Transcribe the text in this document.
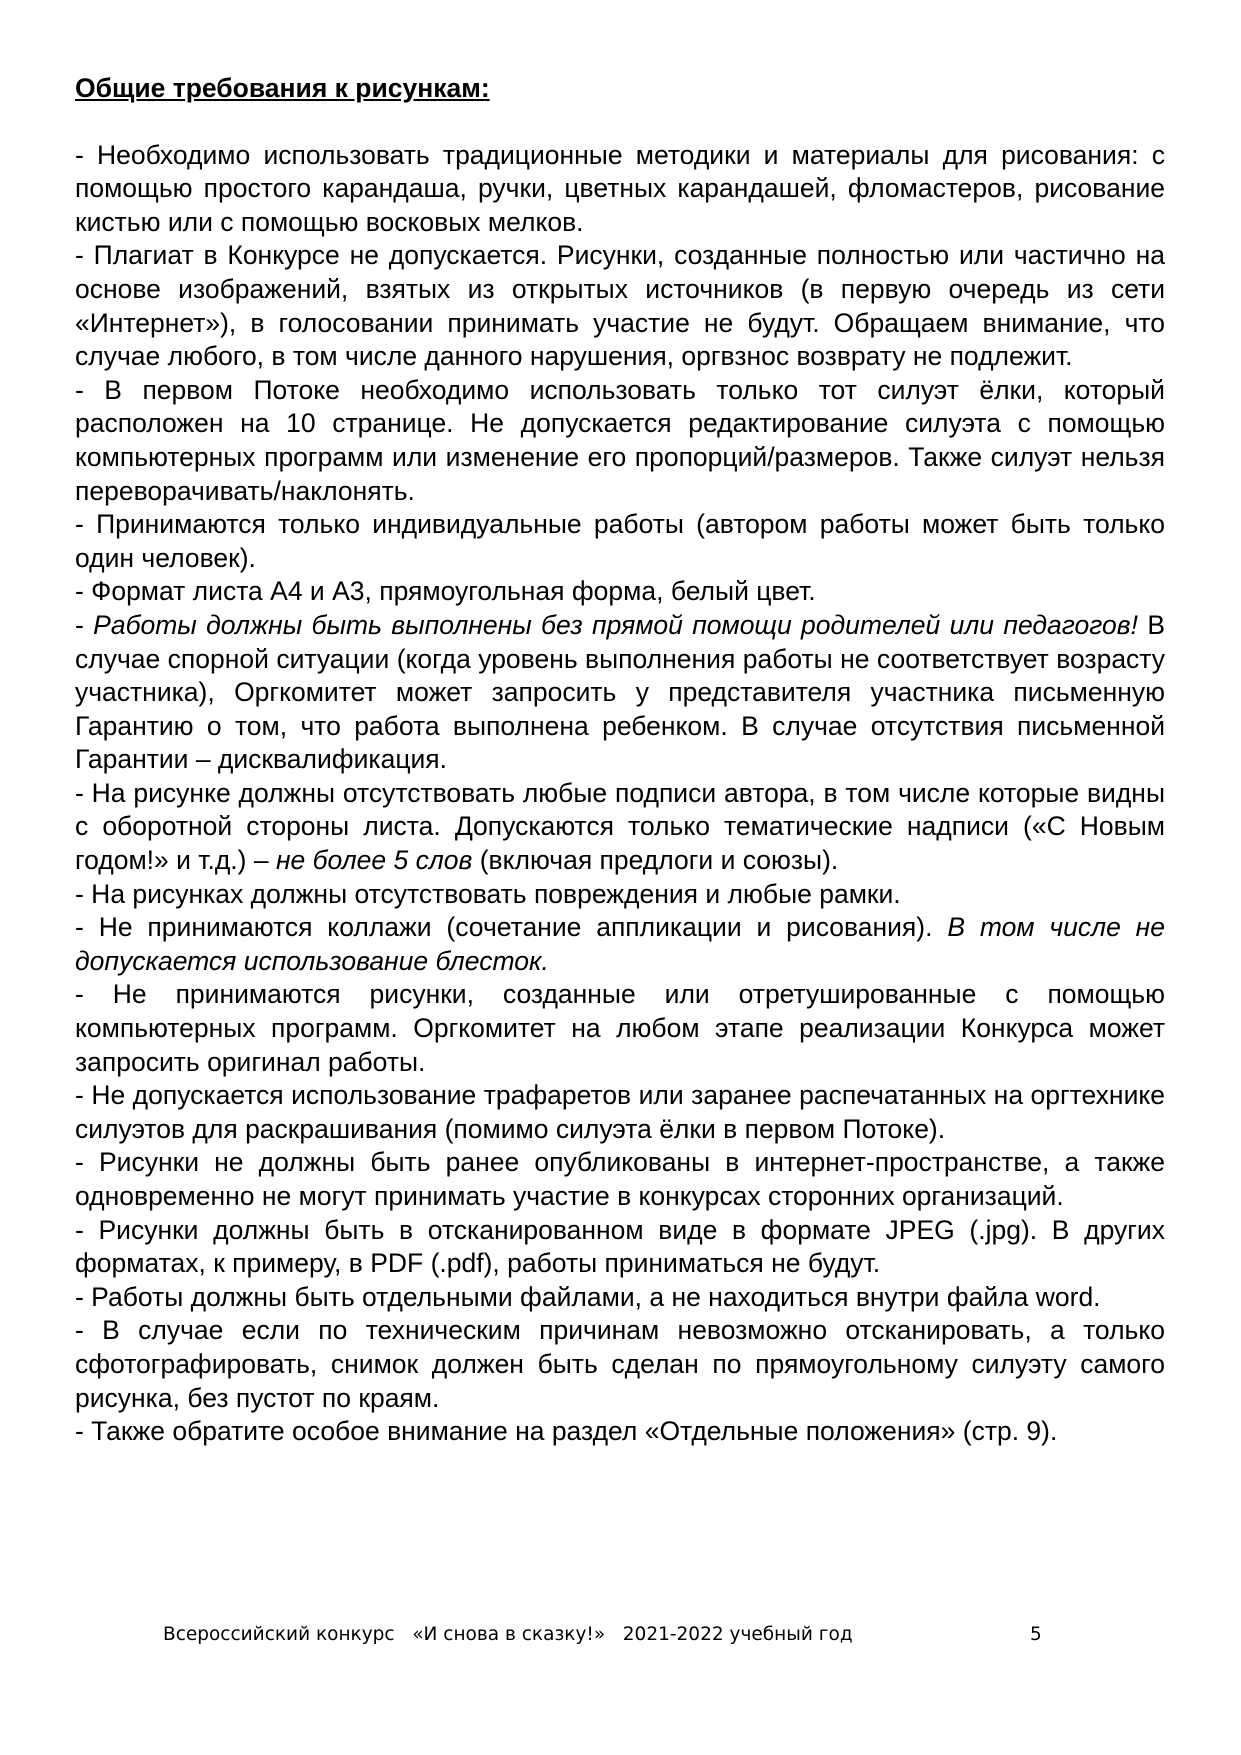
Общие требования к рисункам:

- Необходимо использовать традиционные методики и материалы для рисования: с помощью простого карандаша, ручки, цветных карандашей, фломастеров, рисование кистью или с помощью восковых мелков.

- Плагиат в Конкурсе не допускается. Рисунки, созданные полностью или частично на основе изображений, взятых из открытых источников (в первую очередь из сети «Интернет»), в голосовании принимать участие не будут. Обращаем внимание, что случае любого, в том числе данного нарушения, оргвзнос возврату не подлежит.

- В первом Потоке необходимо использовать только тот силуэт ёлки, который расположен на 10 странице. Не допускается редактирование силуэта с помощью компьютерных программ или изменение его пропорций/размеров. Также силуэт нельзя переворачивать/наклонять.

- Принимаются только индивидуальные работы (автором работы может быть только один человек).

- Формат листа А4 и А3, прямоугольная форма, белый цвет.

- Работы должны быть выполнены без прямой помощи родителей или педагогов! В случае спорной ситуации (когда уровень выполнения работы не соответствует возрасту участника), Оргкомитет может запросить у представителя участника письменную Гарантию о том, что работа выполнена ребенком. В случае отсутствия письменной Гарантии – дисквалификация.

- На рисунке должны отсутствовать любые подписи автора, в том числе которые видны с оборотной стороны листа. Допускаются только тематические надписи («С Новым годом!» и т.д.) – не более 5 слов (включая предлоги и союзы).

- На рисунках должны отсутствовать повреждения и любые рамки.

- Не принимаются коллажи (сочетание аппликации и рисования). В том числе не допускается использование блесток.

- Не принимаются рисунки, созданные или отретушированные с помощью компьютерных программ. Оргкомитет на любом этапе реализации Конкурса может запросить оригинал работы.

- Не допускается использование трафаретов или заранее распечатанных на оргтехнике силуэтов для раскрашивания (помимо силуэта ёлки в первом Потоке).

- Рисунки не должны быть ранее опубликованы в интернет-пространстве, а также одновременно не могут принимать участие в конкурсах сторонних организаций.

- Рисунки должны быть в отсканированном виде в формате JPEG (.jpg). В других форматах, к примеру, в PDF (.pdf), работы приниматься не будут.

- Работы должны быть отдельными файлами, а не находиться внутри файла word.

- В случае если по техническим причинам невозможно отсканировать, а только сфотографировать, снимок должен быть сделан по прямоугольному силуэту самого рисунка, без пустот по краям.

- Также обратите особое внимание на раздел «Отдельные положения» (стр. 9).

Всероссийский конкурс   «И снова в сказку!»   2021-2022 учебный год	5
